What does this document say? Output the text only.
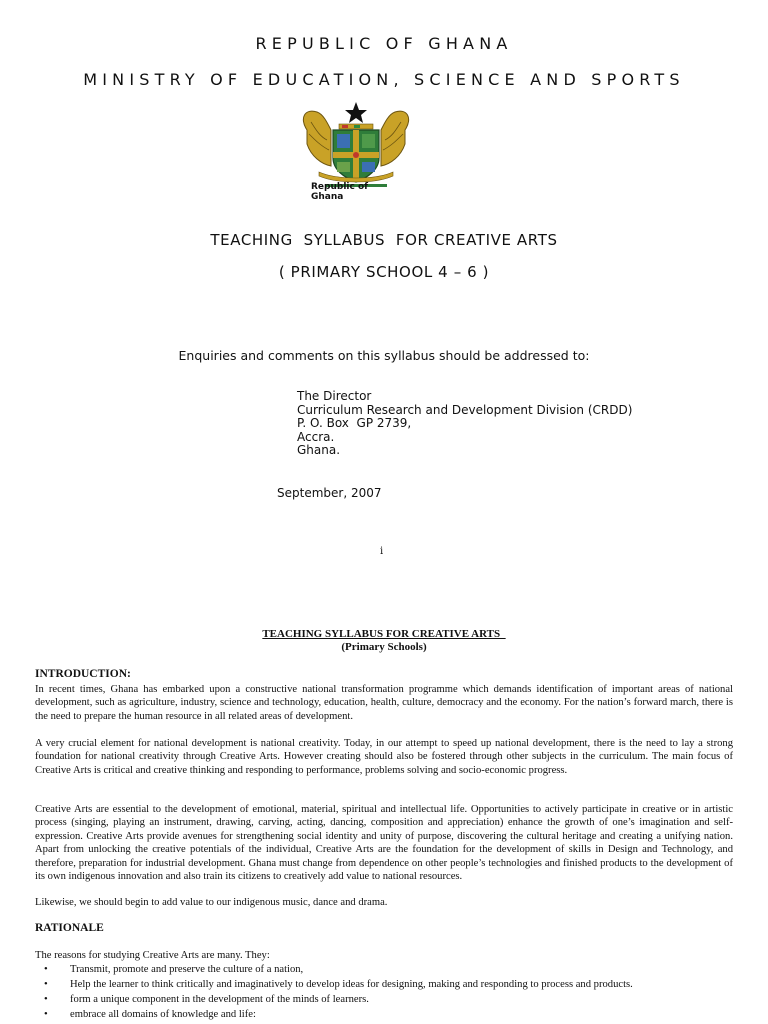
REPUBLIC OF GHANA
MINISTRY OF EDUCATION, SCIENCE AND SPORTS
Republic of
Ghana
TEACHING  SYLLABUS  FOR CREATIVE ARTS
( PRIMARY SCHOOL 4 – 6 )
Enquiries and comments on this syllabus should be addressed to:
The Director
Curriculum Research and Development Division (CRDD)
P. O. Box  GP 2739,
Accra.
Ghana.
September, 2007
i
TEACHING SYLLABUS FOR CREATIVE ARTS
(Primary Schools)
INTRODUCTION:
In recent times, Ghana has embarked upon a constructive national transformation programme which demands identification of important areas of national development, such as agriculture, industry, science and technology, education, health, culture, democracy and the economy. For the nation’s forward march, there is the need to prepare the human resource in all related areas of development.
A very crucial element for national development is national creativity. Today, in our attempt to speed up national development, there is the need to lay a strong foundation for national creativity through Creative Arts. However creating should also be fostered through other subjects in the curriculum. The main focus of Creative Arts is critical and creative thinking and responding to performance, problems solving and socio-economic progress.
Creative Arts are essential to the development of emotional, material, spiritual and intellectual life. Opportunities to actively participate in creative or in artistic process (singing, playing an instrument, drawing, carving, acting, dancing, composition and appreciation) enhance the growth of one’s imagination and self-expression. Creative Arts provide avenues for strengthening social identity and unity of purpose, discovering the cultural heritage and creating a unifying nation. Apart from unlocking the creative potentials of the individual, Creative Arts are the foundation for the development of skills in Design and Technology, and therefore, preparation for industrial development. Ghana must change from dependence on other people’s technologies and finished products to the development of its own indigenous innovation and also train its citizens to creatively add value to national resources.
Likewise, we should begin to add value to our indigenous music, dance and drama.
RATIONALE
The reasons for studying Creative Arts are many. They:
• Transmit, promote and preserve the culture of a nation,
• Help the learner to think critically and imaginatively to develop ideas for designing, making and responding to process and products.
• form a unique component in the development of the minds of learners.
• embrace all domains of knowledge and life:
